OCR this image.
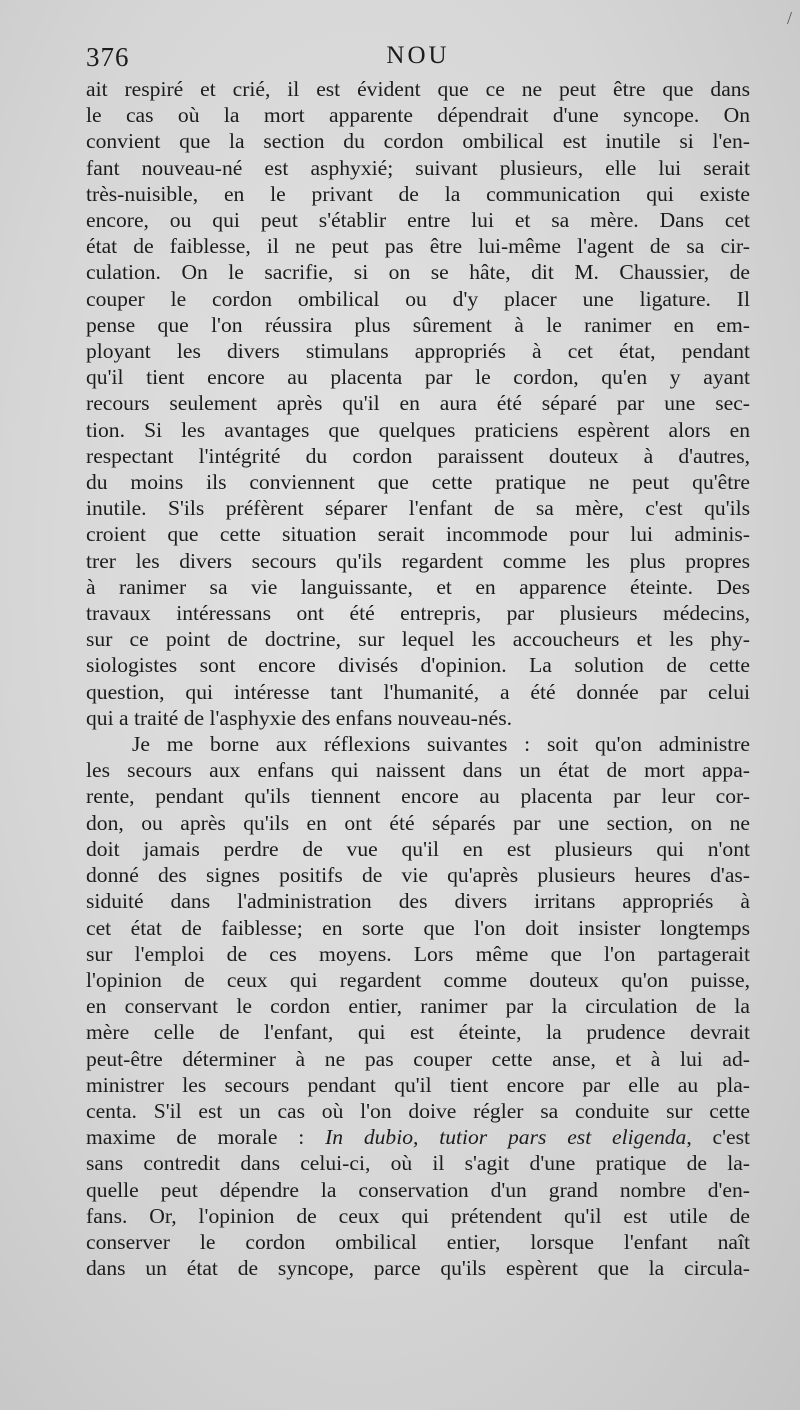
/
376	NOU

ait respiré et crié, il est évident que ce ne peut être que dans
le cas où la mort apparente dépendrait d'une syncope. On
convient que la section du cordon ombilical est inutile si l'en-
fant nouveau-né est asphyxié; suivant plusieurs, elle lui serait
très-nuisible, en le privant de la communication qui existe
encore, ou qui peut s'établir entre lui et sa mère. Dans cet
état de faiblesse, il ne peut pas être lui-même l'agent de sa cir-
culation. On le sacrifie, si on se hâte, dit M. Chaussier, de
couper le cordon ombilical ou d'y placer une ligature. Il
pense que l'on réussira plus sûrement à le ranimer en em-
ployant les divers stimulans appropriés à cet état, pendant
qu'il tient encore au placenta par le cordon, qu'en y ayant
recours seulement après qu'il en aura été séparé par une sec-
tion. Si les avantages que quelques praticiens espèrent alors en
respectant l'intégrité du cordon paraissent douteux à d'autres,
du moins ils conviennent que cette pratique ne peut qu'être
inutile. S'ils préfèrent séparer l'enfant de sa mère, c'est qu'ils
croient que cette situation serait incommode pour lui adminis-
trer les divers secours qu'ils regardent comme les plus propres
à ranimer sa vie languissante, et en apparence éteinte. Des
travaux intéressans ont été entrepris, par plusieurs médecins,
sur ce point de doctrine, sur lequel les accoucheurs et les phy-
siologistes sont encore divisés d'opinion. La solution de cette
question, qui intéresse tant l'humanité, a été donnée par celui
qui a traité de l'asphyxie des enfans nouveau-nés.

Je me borne aux réflexions suivantes : soit qu'on administre
les secours aux enfans qui naissent dans un état de mort appa-
rente, pendant qu'ils tiennent encore au placenta par leur cor-
don, ou après qu'ils en ont été séparés par une section, on ne
doit jamais perdre de vue qu'il en est plusieurs qui n'ont
donné des signes positifs de vie qu'après plusieurs heures d'as-
siduité dans l'administration des divers irritans appropriés à
cet état de faiblesse; en sorte que l'on doit insister longtemps
sur l'emploi de ces moyens. Lors même que l'on partagerait
l'opinion de ceux qui regardent comme douteux qu'on puisse,
en conservant le cordon entier, ranimer par la circulation de la
mère celle de l'enfant, qui est éteinte, la prudence devrait
peut-être déterminer à ne pas couper cette anse, et à lui ad-
ministrer les secours pendant qu'il tient encore par elle au pla-
centa. S'il est un cas où l'on doive régler sa conduite sur cette
maxime de morale : In dubio, tutior pars est eligenda, c'est
sans contredit dans celui-ci, où il s'agit d'une pratique de la-
quelle peut dépendre la conservation d'un grand nombre d'en-
fans. Or, l'opinion de ceux qui prétendent qu'il est utile de
conserver le cordon ombilical entier, lorsque l'enfant naît
dans un état de syncope, parce qu'ils espèrent que la circula-
